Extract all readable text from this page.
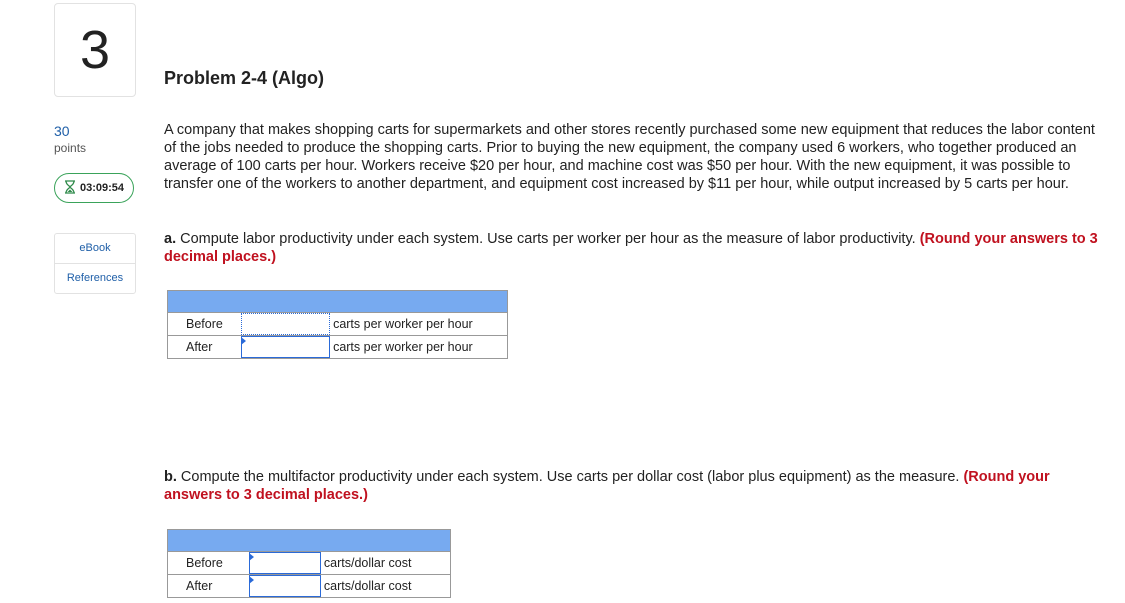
3
30
points
03:09:54
eBook
References
Problem 2-4 (Algo)
A company that makes shopping carts for supermarkets and other stores recently purchased some new equipment that reduces the labor content of the jobs needed to produce the shopping carts. Prior to buying the new equipment, the company used 6 workers, who together produced an average of 100 carts per hour. Workers receive $20 per hour, and machine cost was $50 per hour. With the new equipment, it was possible to transfer one of the workers to another department, and equipment cost increased by $11 per hour, while output increased by 5 carts per hour.
a. Compute labor productivity under each system. Use carts per worker per hour as the measure of labor productivity. (Round your answers to 3 decimal places.)

Before		carts per worker per hour
After		carts per worker per hour
b. Compute the multifactor productivity under each system. Use carts per dollar cost (labor plus equipment) as the measure. (Round your answers to 3 decimal places.)

Before		carts/dollar cost
After		carts/dollar cost
